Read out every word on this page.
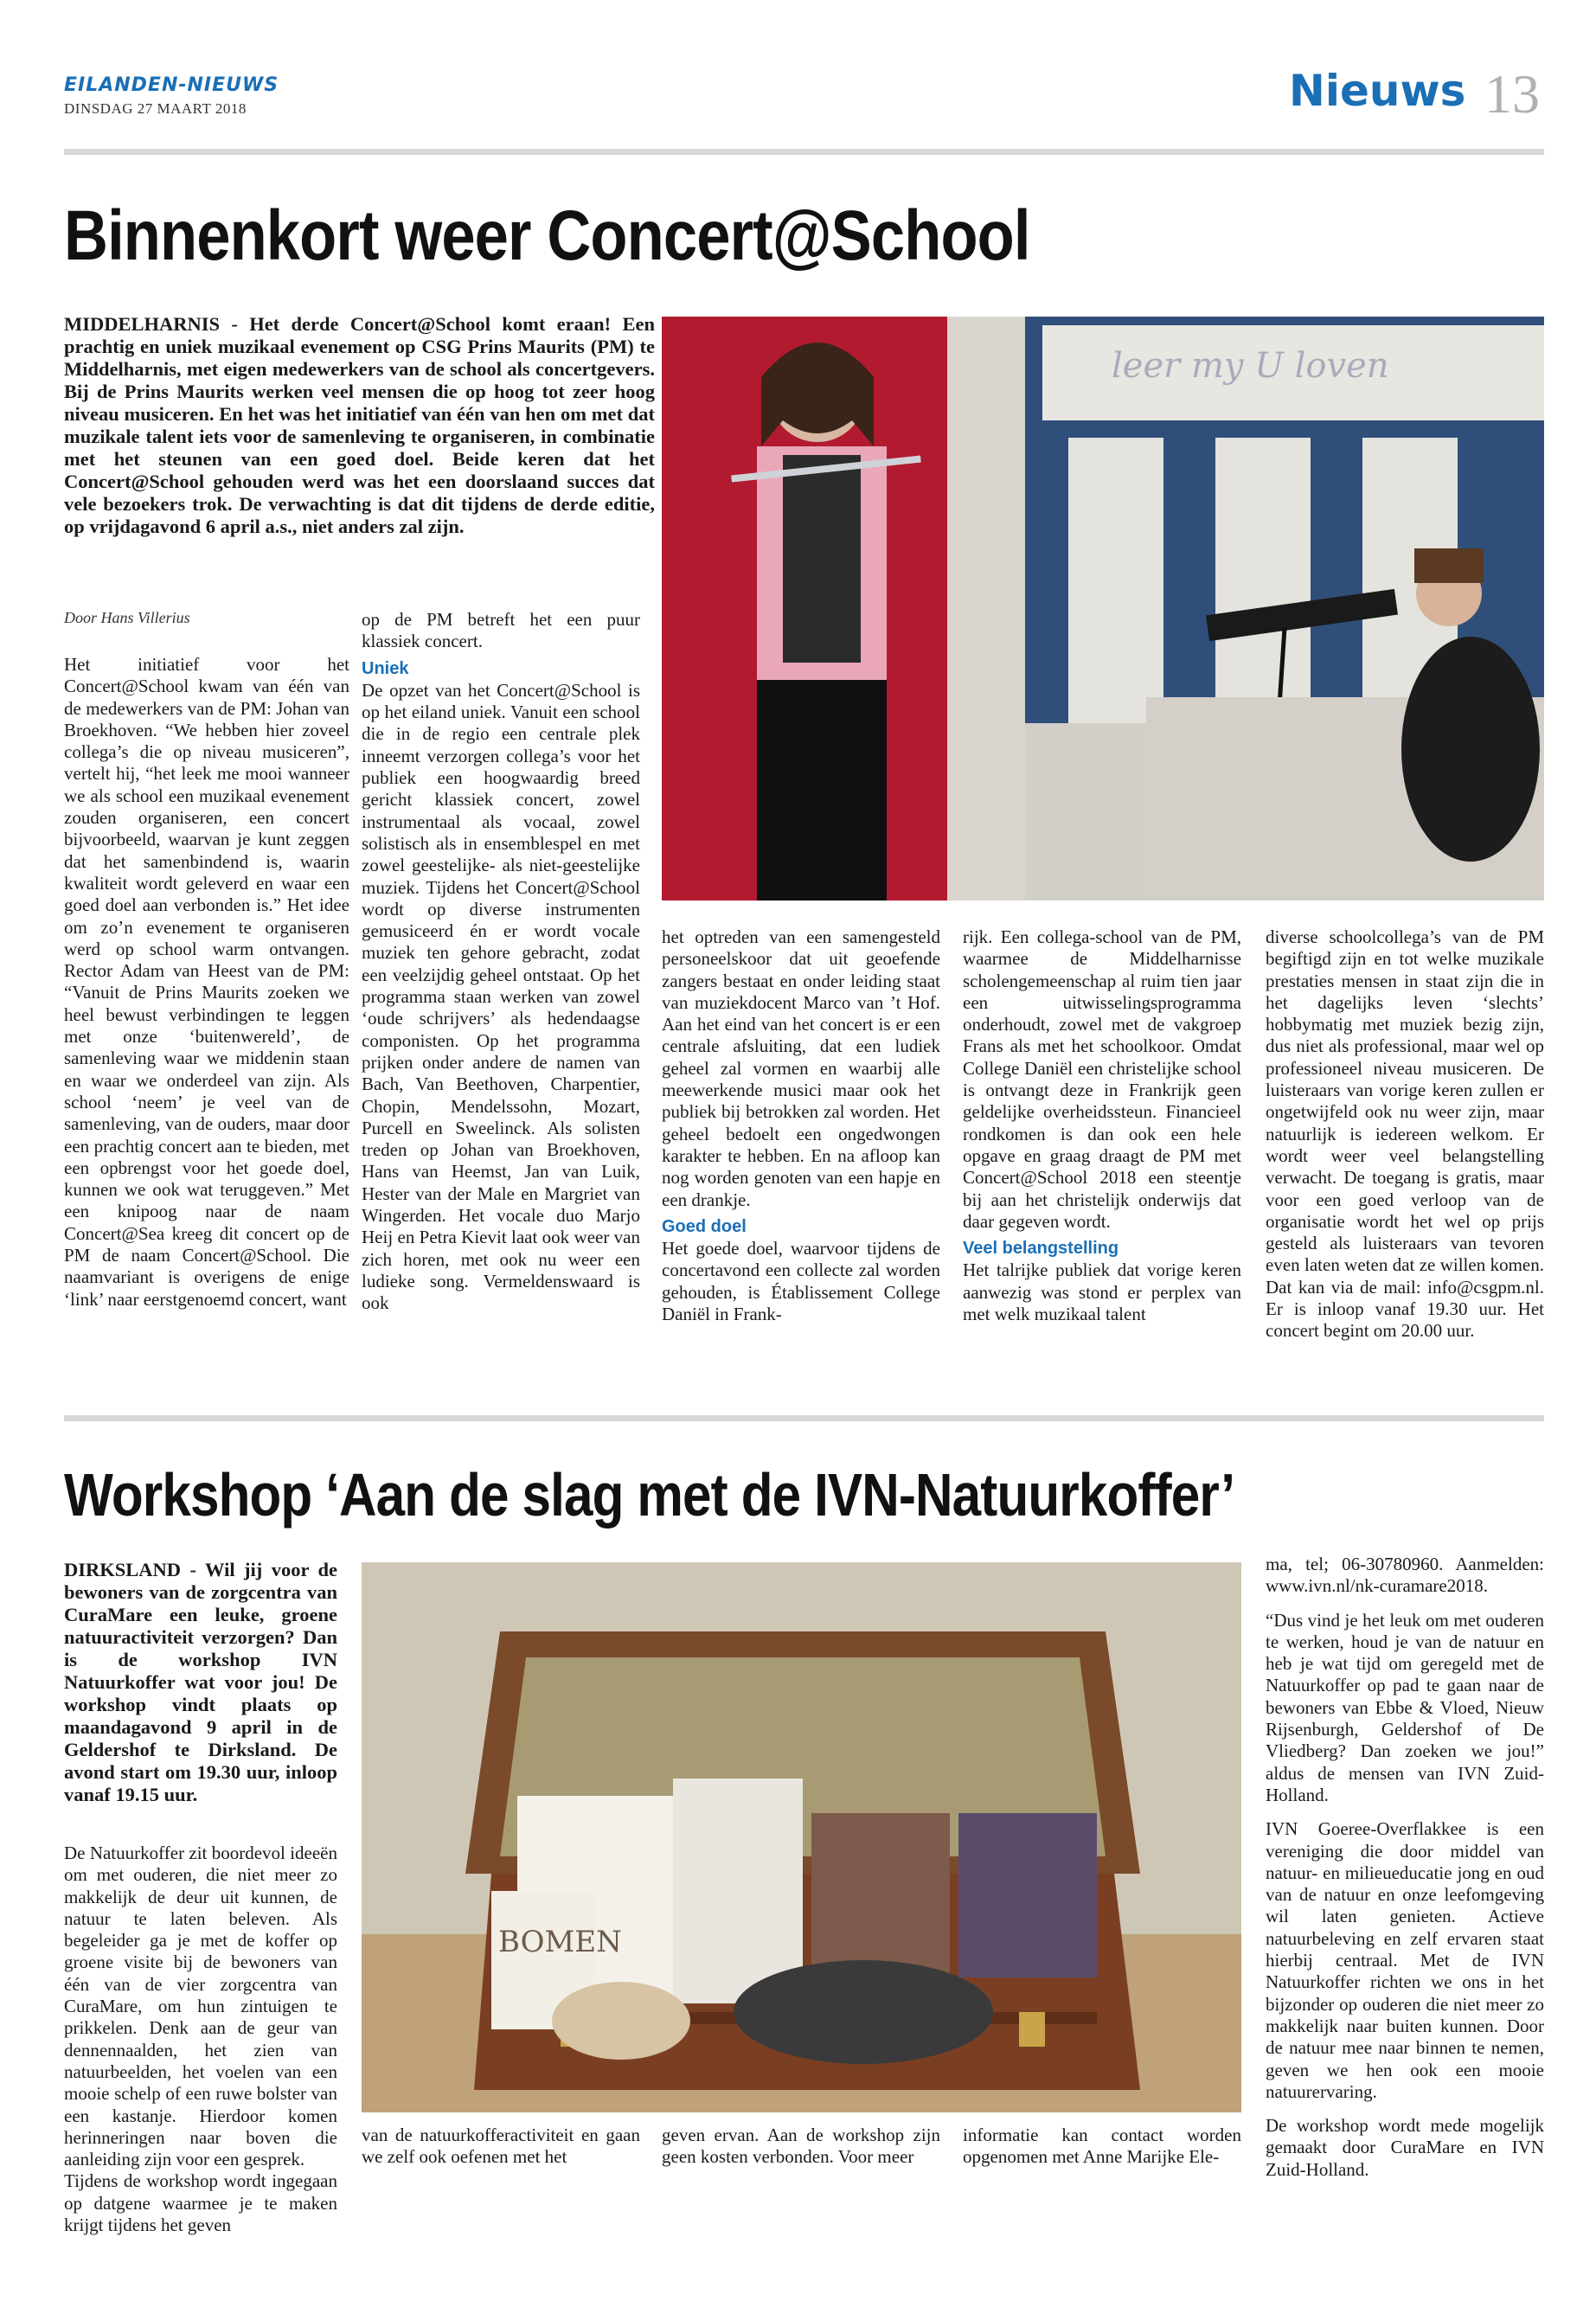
EILANDEN-NIEUWS
DINSDAG 27 MAART 2018	Nieuws 13
Binnenkort weer Concert@School

MIDDELHARNIS - Het derde Concert@School komt eraan! Een prachtig en uniek muzikaal evenement op CSG Prins Maurits (PM) te Middelharnis, met eigen medewerkers van de school als concertgevers. Bij de Prins Maurits werken veel mensen die op hoog tot zeer hoog niveau musiceren. En het was het initiatief van één van hen om met dat muzikale talent iets voor de samenleving te organiseren, in combinatie met het steunen van een goed doel. Beide keren dat het Concert@School gehouden werd was het een doorslaand succes dat vele bezoekers trok. De verwachting is dat dit tijdens de derde editie, op vrijdagavond 6 april a.s., niet anders zal zijn.

leer my U loven
Door Hans Villerius

Het initiatief voor het Concert@School kwam van één van de medewerkers van de PM: Johan van Broekhoven. “We hebben hier zoveel collega’s die op niveau musiceren”, vertelt hij, “het leek me mooi wanneer we als school een muzikaal evenement zouden organiseren, een concert bijvoorbeeld, waarvan je kunt zeggen dat het samenbindend is, waarin kwaliteit wordt geleverd en waar een goed doel aan verbonden is.” Het idee om zo’n evenement te organiseren werd op school warm ontvangen. Rector Adam van Heest van de PM: “Vanuit de Prins Maurits zoeken we heel bewust verbindingen te leggen met onze ‘buitenwereld’, de samenleving waar we middenin staan en waar we onderdeel van zijn. Als school ‘neem’ je veel van de samenleving, van de ouders, maar door een prachtig concert aan te bieden, met een opbrengst voor het goede doel, kunnen we ook wat teruggeven.” Met een knipoog naar de naam Concert@Sea kreeg dit concert op de PM de naam Concert@School. Die naamvariant is overigens de enige ‘link’ naar eerstgenoemd concert, want

op de PM betreft het een puur klassiek concert.

Uniek

De opzet van het Concert@School is op het eiland uniek. Vanuit een school die in de regio een centrale plek inneemt verzorgen collega’s voor het publiek een hoogwaardig breed gericht klassiek concert, zowel instrumentaal als vocaal, zowel solistisch als in ensemblespel en met zowel geestelijke- als niet-geestelijke muziek. Tijdens het Concert@School wordt op diverse instrumenten gemusiceerd én er wordt vocale muziek ten gehore gebracht, zodat een veelzijdig geheel ontstaat. Op het programma staan werken van zowel ‘oude schrijvers’ als hedendaagse componisten. Op het programma prijken onder andere de namen van Bach, Van Beethoven, Charpentier, Chopin, Mendelssohn, Mozart, Purcell en Sweelinck. Als solisten treden op Johan van Broekhoven, Hans van Heemst, Jan van Luik, Hester van der Male en Margriet van Wingerden. Het vocale duo Marjo Heij en Petra Kievit laat ook weer van zich horen, met ook nu weer een ludieke song. Vermeldenswaard is ook

het optreden van een samengesteld personeelskoor dat uit geoefende zangers bestaat en onder leiding staat van muziekdocent Marco van ’t Hof. Aan het eind van het concert is er een centrale afsluiting, dat een ludiek geheel zal vormen en waarbij alle meewerkende musici maar ook het publiek bij betrokken zal worden. Het geheel bedoelt een ongedwongen karakter te hebben. En na afloop kan nog worden genoten van een hapje en een drankje.

Goed doel

Het goede doel, waarvoor tijdens de concertavond een collecte zal worden gehouden, is Établissement College Daniël in Frank-

rijk. Een collega-school van de PM, waarmee de Middelharnisse scholengemeenschap al ruim tien jaar een uitwisselingsprogramma onderhoudt, zowel met de vakgroep Frans als met het schoolkoor. Omdat College Daniël een christelijke school is ontvangt deze in Frankrijk geen geldelijke overheidssteun. Financieel rondkomen is dan ook een hele opgave en graag draagt de PM met Concert@School 2018 een steentje bij aan het christelijk onderwijs dat daar gegeven wordt.

Veel belangstelling

Het talrijke publiek dat vorige keren aanwezig was stond er perplex van met welk muzikaal talent

diverse schoolcollega’s van de PM begiftigd zijn en tot welke muzikale prestaties mensen in staat zijn die in het dagelijks leven ‘slechts’ hobbymatig met muziek bezig zijn, dus niet als professional, maar wel op professioneel niveau musiceren. De luisteraars van vorige keren zullen er ongetwijfeld ook nu weer zijn, maar natuurlijk is iedereen welkom. Er wordt weer veel belangstelling verwacht. De toegang is gratis, maar voor een goed verloop van de organisatie wordt het wel op prijs gesteld als luisteraars van tevoren even laten weten dat ze willen komen. Dat kan via de mail: info@csgpm.nl. Er is inloop vanaf 19.30 uur. Het concert begint om 20.00 uur.

Workshop ‘Aan de slag met de IVN-Natuurkoffer’

DIRKSLAND - Wil jij voor de bewoners van de zorgcentra van CuraMare een leuke, groene natuuractiviteit verzorgen? Dan is de workshop IVN Natuurkoffer wat voor jou! De workshop vindt plaats op maandagavond 9 april in de Geldershof te Dirksland. De avond start om 19.30 uur, inloop vanaf 19.15 uur.

BOMEN

De Natuurkoffer zit boordevol ideeën om met ouderen, die niet meer zo makkelijk de deur uit kunnen, de natuur te laten beleven. Als begeleider ga je met de koffer op groene visite bij de bewoners van één van de vier zorgcentra van CuraMare, om hun zintuigen te prikkelen. Denk aan de geur van dennennaalden, het zien van natuurbeelden, het voelen van een mooie schelp of een ruwe bolster van een kastanje. Hierdoor komen herinneringen naar boven die aanleiding zijn voor een gesprek.

Tijdens de workshop wordt ingegaan op datgene waarmee je te maken krijgt tijdens het geven

van de natuurkofferactiviteit en gaan we zelf ook oefenen met het

geven ervan. Aan de workshop zijn geen kosten verbonden. Voor meer

informatie kan contact worden opgenomen met Anne Marijke Ele-

ma, tel; 06-30780960. Aanmelden: www.ivn.nl/nk-curamare2018.

“Dus vind je het leuk om met ouderen te werken, houd je van de natuur en heb je wat tijd om geregeld met de Natuurkoffer op pad te gaan naar de bewoners van Ebbe & Vloed, Nieuw Rijsenburgh, Geldershof of De Vliedberg? Dan zoeken we jou!” aldus de mensen van IVN Zuid-Holland.

IVN Goeree-Overflakkee is een vereniging die door middel van natuur- en milieueducatie jong en oud van de natuur en onze leefomgeving wil laten genieten. Actieve natuurbeleving en zelf ervaren staat hierbij centraal. Met de IVN Natuurkoffer richten we ons in het bijzonder op ouderen die niet meer zo makkelijk naar buiten kunnen. Door de natuur mee naar binnen te nemen, geven we hen ook een mooie natuurervaring.

De workshop wordt mede mogelijk gemaakt door CuraMare en IVN Zuid-Holland.
